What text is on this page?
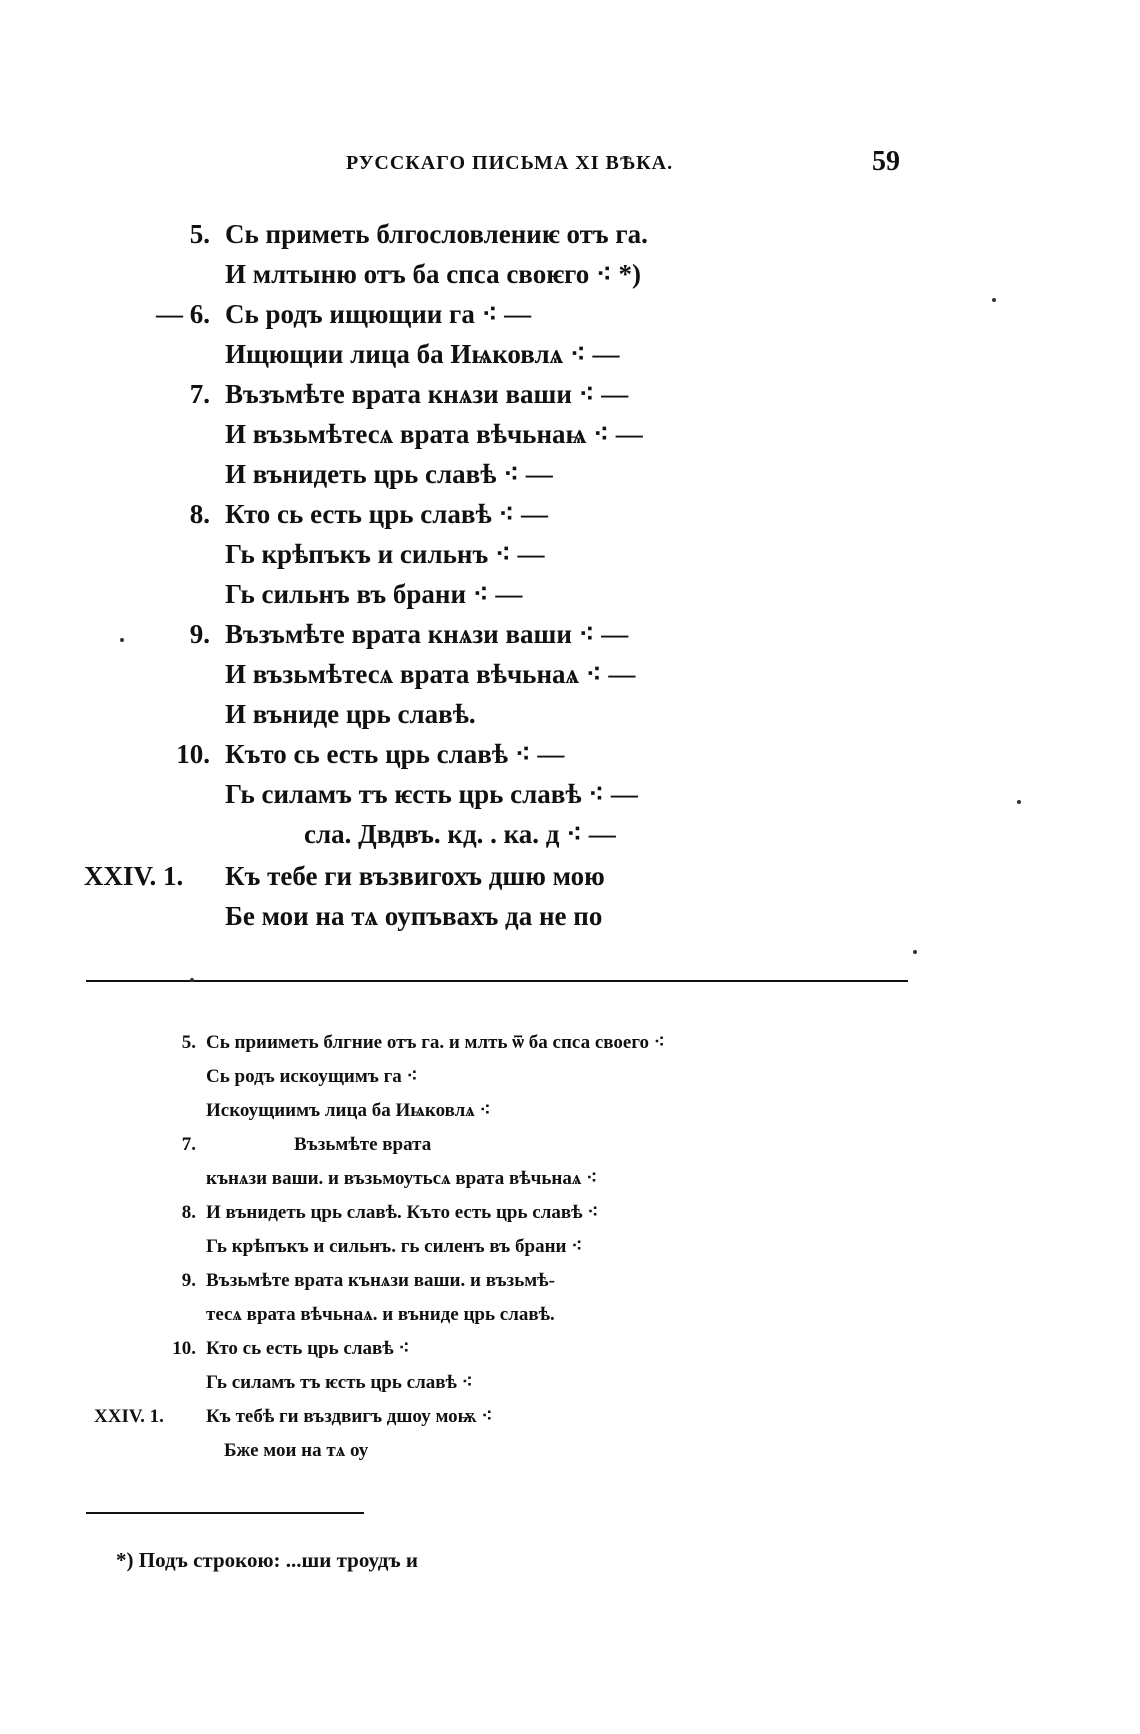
РУССКАГО ПИСЬМА XI ВѢКА.	59
5. Сь приметь блгословлениѥ отъ га.
И млтыню отъ ба спса своѥго ⁖ *)
— 6. Сь родъ ищющии га ⁖ —
Ищющии лица ба Иѩковлѧ ⁖ —
7. Възъмѣте врата кнѧзи ваши ⁖ —
И възьмѣтесѧ врата вѣчьнаѩ ⁖ —
И вънидеть црь славѣ ⁖ —
8. Кто сь есть црь славѣ ⁖ —
Гь крѣпъкъ и сильнъ ⁖ —
Гь сильнъ въ брани ⁖ —
9. Възъмѣте врата кнѧзи ваши ⁖ —
И възьмѣтесѧ врата вѣчьнаѧ ⁖ —
И вънидe црь славѣ.
10. Къто сь есть црь славѣ ⁖ —
Гь силамъ тъ ѥсть црь славѣ ⁖ —
сла. Двдвъ. кд. . ка. д ⁖ —
XXIV. 1.	Къ тебе ги възвигохъ дшю мою
Бе мои на тѧ оупъвахъ да не по
5. Сь прииметь блгние отъ га. и млть ѿ ба спса своего ⁖
Сь родъ искоущимъ га ⁖
Искоущиимъ лица ба Иѩковлѧ ⁖
7.	Възьмѣте врата
кънѧзи ваши. и възьмоутьсѧ врата вѣчьнаѧ ⁖
8. И вънидеть црь славѣ. Къто есть црь славѣ ⁖
Гь крѣпъкъ и сильнъ. гь силенъ въ брани ⁖
9. Възьмѣте врата кънѧзи ваши. и възьмѣ-
тесѧ врата вѣчьнаѧ. и вънидe црь славѣ.
10. Кто сь есть црь славѣ ⁖
Гь силамъ тъ ѥсть црь славѣ ⁖
XXIV. 1.	Къ тебѣ ги въздвигъ дшоу моѭ ⁖
Бже мои на тѧ оу
*) Подъ строкою: ...ши троудъ и
